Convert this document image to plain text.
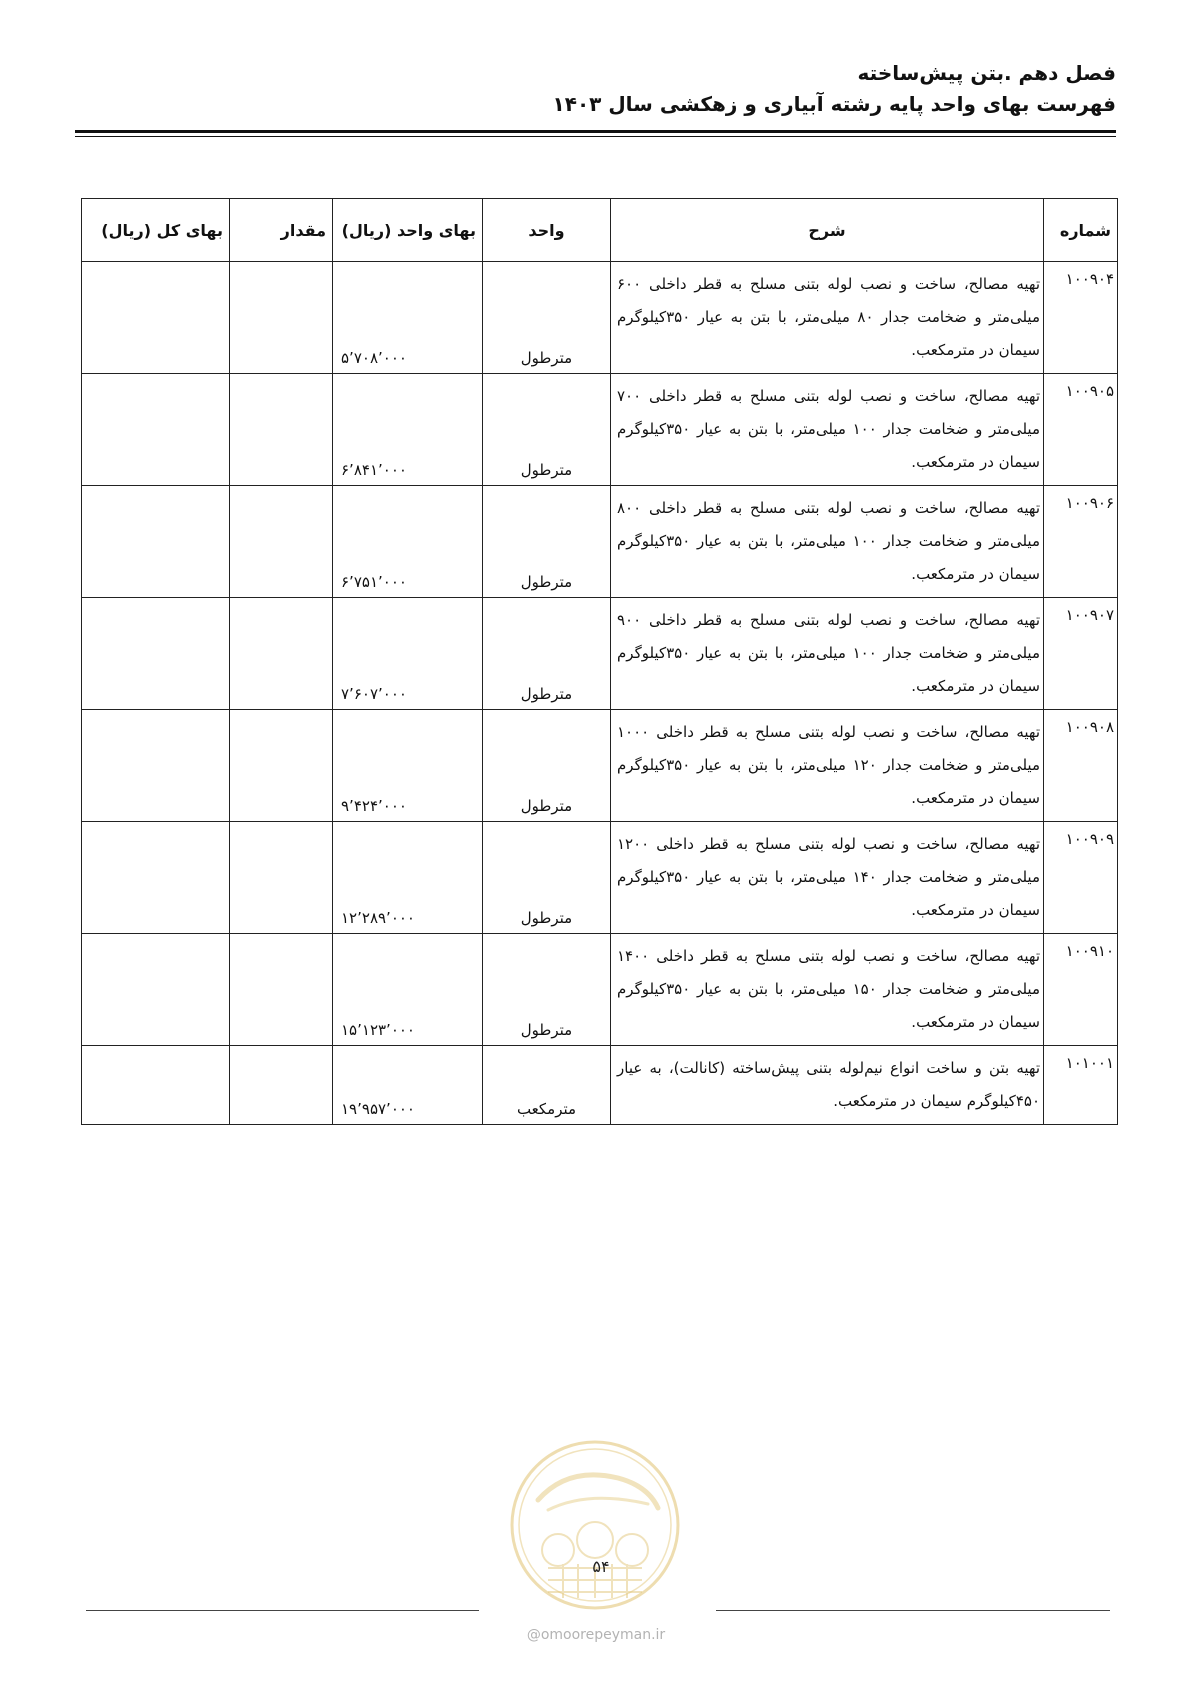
فصل دهم .بتن پیش‌ساخته
فهرست بهای واحد پایه رشته آبیاری و زهکشی سال ۱۴۰۳
شماره	شرح	واحد	بهای واحد (ریال)	مقدار	بهای کل (ریال)
۱۰۰۹۰۴	تهیه مصالح، ساخت و نصب لوله بتنی مسلح به قطر داخلی ۶۰۰ میلی‌متر و ضخامت جدار ۸۰ میلی‌متر، با بتن به عیار ۳۵۰کیلوگرم سیمان در مترمکعب.	مترطول	۵٬۷۰۸٬۰۰۰		
۱۰۰۹۰۵	تهیه مصالح، ساخت و نصب لوله بتنی مسلح به قطر داخلی ۷۰۰ میلی‌متر و ضخامت جدار ۱۰۰ میلی‌متر، با بتن به عیار ۳۵۰کیلوگرم سیمان در مترمکعب.	مترطول	۶٬۸۴۱٬۰۰۰		
۱۰۰۹۰۶	تهیه مصالح، ساخت و نصب لوله بتنی مسلح به قطر داخلی ۸۰۰ میلی‌متر و ضخامت جدار ۱۰۰ میلی‌متر، با بتن به عیار ۳۵۰کیلوگرم سیمان در مترمکعب.	مترطول	۶٬۷۵۱٬۰۰۰		
۱۰۰۹۰۷	تهیه مصالح، ساخت و نصب لوله بتنی مسلح به قطر داخلی ۹۰۰ میلی‌متر و ضخامت جدار ۱۰۰ میلی‌متر، با بتن به عیار ۳۵۰کیلوگرم سیمان در مترمکعب.	مترطول	۷٬۶۰۷٬۰۰۰		
۱۰۰۹۰۸	تهیه مصالح، ساخت و نصب لوله بتنی مسلح به قطر داخلی ۱۰۰۰ میلی‌متر و ضخامت جدار ۱۲۰ میلی‌متر، با بتن به عیار ۳۵۰کیلوگرم سیمان در مترمکعب.	مترطول	۹٬۴۲۴٬۰۰۰		
۱۰۰۹۰۹	تهیه مصالح، ساخت و نصب لوله بتنی مسلح به قطر داخلی ۱۲۰۰ میلی‌متر و ضخامت جدار ۱۴۰ میلی‌متر، با بتن به عیار ۳۵۰کیلوگرم سیمان در مترمکعب.	مترطول	۱۲٬۲۸۹٬۰۰۰		
۱۰۰۹۱۰	تهیه مصالح، ساخت و نصب لوله بتنی مسلح به قطر داخلی ۱۴۰۰ میلی‌متر و ضخامت جدار ۱۵۰ میلی‌متر، با بتن به عیار ۳۵۰کیلوگرم سیمان در مترمکعب.	مترطول	۱۵٬۱۲۳٬۰۰۰		
۱۰۱۰۰۱	تهیه بتن و ساخت انواع نیم‌لوله بتنی پیش‌ساخته (کانالت)، به عیار ۴۵۰کیلوگرم سیمان در مترمکعب.	مترمکعب	۱۹٬۹۵۷٬۰۰۰		
۵۴
@omoorepeyman.ir
